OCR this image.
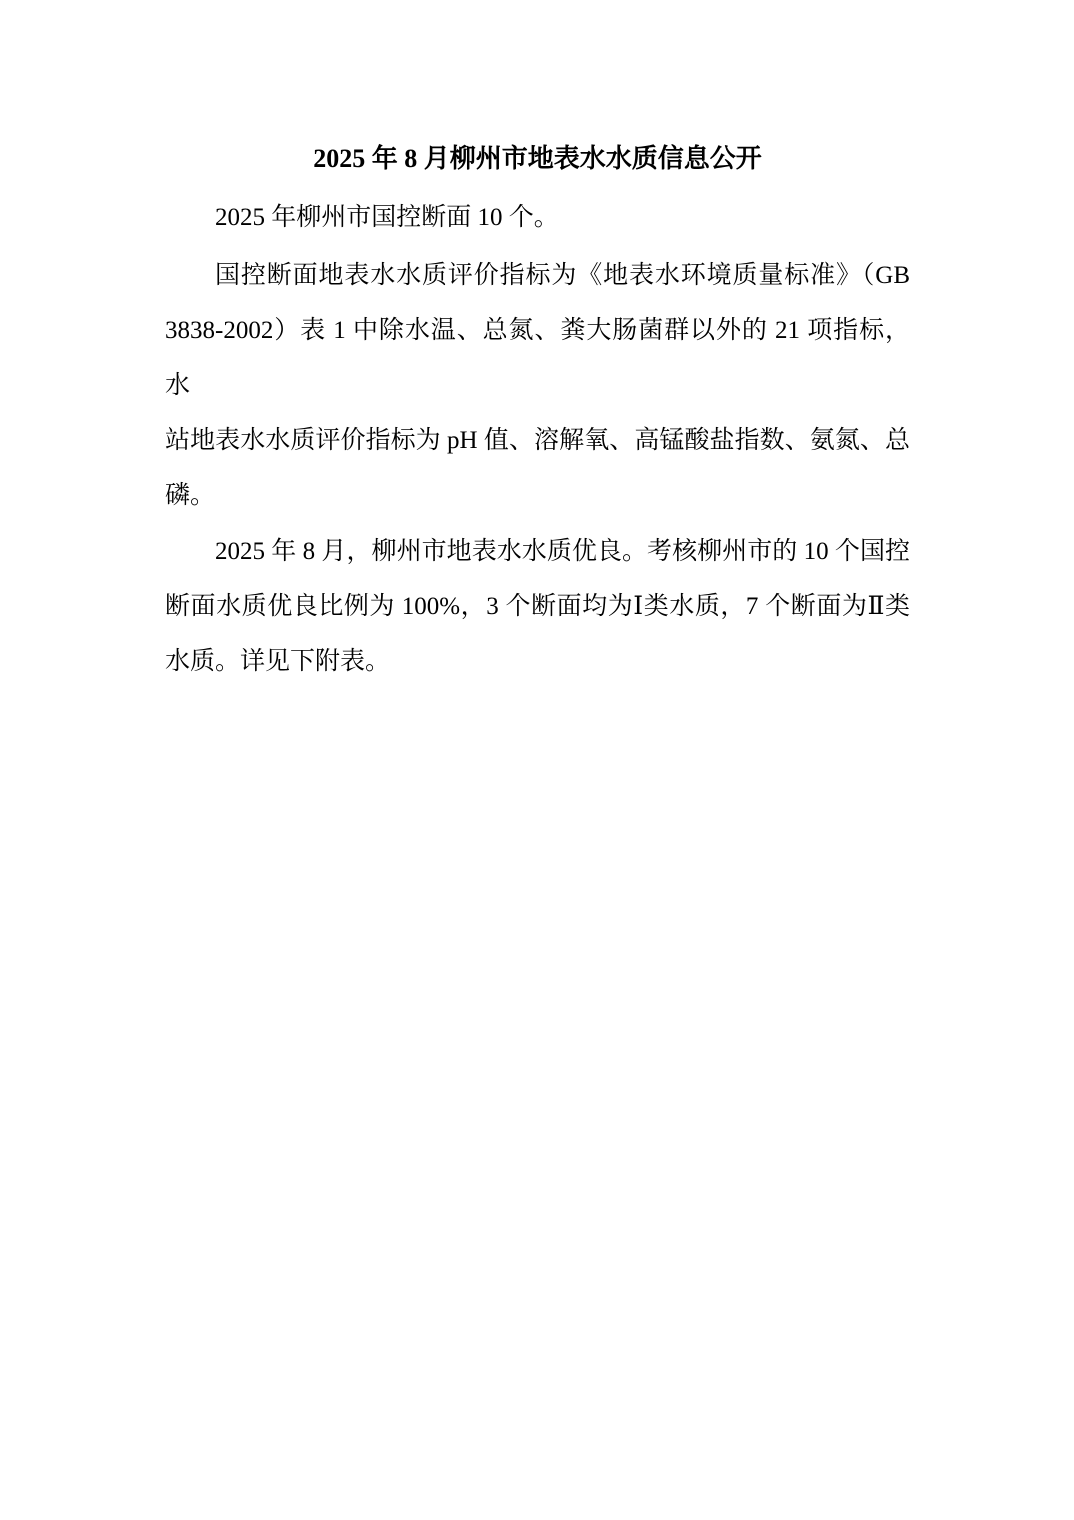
2025 年 8 月柳州市地表水水质信息公开
2025 年柳州市国控断面 10 个。
国控断面地表水水质评价指标为《地表水环境质量标准》（GB
3838-2002）表 1 中除水温、总氮、粪大肠菌群以外的 21 项指标，水
站地表水水质评价指标为 pH 值、溶解氧、高锰酸盐指数、氨氮、总
磷。
2025 年 8 月，柳州市地表水水质优良。考核柳州市的 10 个国控
断面水质优良比例为 100%，3 个断面均为Ⅰ类水质，7 个断面为Ⅱ类
水质。详见下附表。
